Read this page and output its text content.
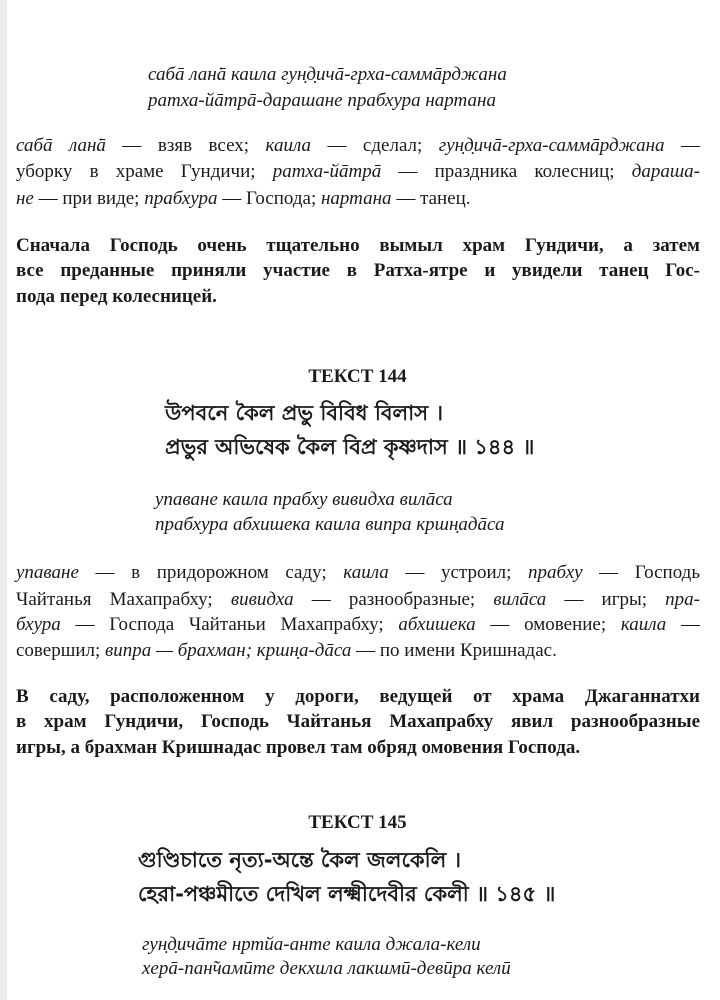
сабā лан̇ā каила гун̣д̣ичā-грха-саммāрджана
ратха-йāтрā-дарашане прабхура нартана
сабā лан̇ā — взяв всех; каила — сделал; гун̣д̣ичā-грха-саммāрджана —
уборку в храме Гундичи; ратха-йāтрā — праздника колесниц; дарашa-
не — при виде; прабхура — Господа; нартана — танец.
Сначала Господь очень тщательно вымыл храм Гундичи, а затем
все преданные приняли участие в Ратха-ятре и увидели танец Гос-
пода перед колесницей.
ТЕКСТ 144
উপবনে কৈল প্রভু বিবিধ বিলাস ।
প্রভুর অভিষেক কৈল বিপ্র কৃষ্ণদাস ॥ ১৪৪ ॥
упаване каила прабху вивидха вилāса
прабхура абхишека каила випра кршн̣адāса
упаване — в придорожном саду; каила — устроил; прабху — Господь
Чайтанья Махапрабху; вивидха — разнообразные; вилāса — игры; пра-
бхура — Господа Чайтаньи Махапрабху; абхишека — омовение; каила —
совершил; випра — брахман; кршн̣а-дāса — по имени Кришнадас.
В саду, расположенном у дороги, ведущей от храма Джаганнатхи
в храм Гундичи, Господь Чайтанья Махапрабху явил разнообразные
игры, а брахман Кришнадас провел там обряд омовения Господа.
ТЕКСТ 145
গুণ্ডিচাতে নৃত্য-অন্তে কৈল জলকেলি ।
হেরা-পঞ্চমীতে দেখিল লক্ষ্মীদেবীর কেলী ॥ ১৪৫ ॥
гун̣д̣ичāте нртйа-анте каила джала-кели
херā-пан̃чамӣте декхила лакшмӣ-девӣра келӣ
